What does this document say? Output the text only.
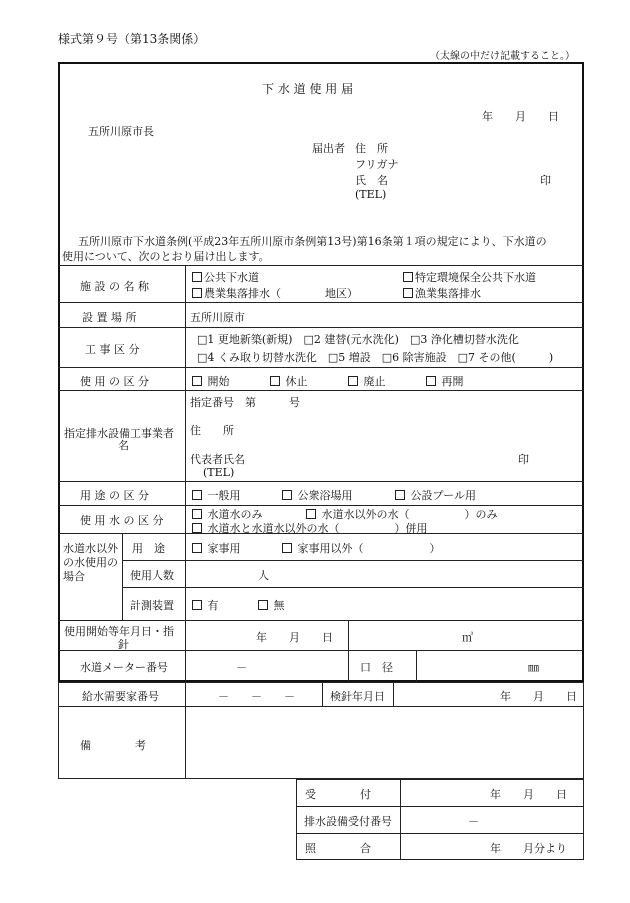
様式第９号（第13条関係）
（太線の中だけ記載すること。）
下 水 道 使 用 届
年　　月　　日
五所川原市長
届出者 住　所
フリガナ
氏　名	印
(TEL)
五所川原市下水道条例(平成23年五所川原市条例第13号)第16条第１項の規定により、下水道の
使用について、次のとおり届け出します。
施 設 の 名 称
公共下水道	特定環境保全公共下水道
農業集落排水（　　　　地区）	漁業集落排水
設 置 場 所	五所川原市
工 事 区 分
□1 更地新築(新規)　□2 建替(元水洗化)　□3 浄化槽切替水洗化
□4 くみ取り切替水洗化　□5 増設　□6 除害施設　□7 その他(　　　)
使 用 の 区 分	開始	休止	廃止	再開
指定排水設備工事業者
名
指定番号　第　　　号
住　　所
代表者氏名	印
(TEL)
用 途 の 区 分	一般用	公衆浴場用	公設プール用
使 用 水 の 区 分	水道水のみ	水道水以外の水（　　　　　）のみ
水道水と水道水以外の水（　　　　　）併用
水道水以外
の水使用の
場合
用　途	家事用	家事用以外（　　　　　　）
使用人数	人
計測装置	有	無
使用開始等年月日・指
針
年　　月　　日	㎥
水道メーター番号	－	口　径	㎜
給水需要家番号	－　　－　　－	検針年月日	年　　月　　日
備　　　　考
受　　　　付	年　　月　　日
排水設備受付番号	－
照　　　　合	年　　月分より
